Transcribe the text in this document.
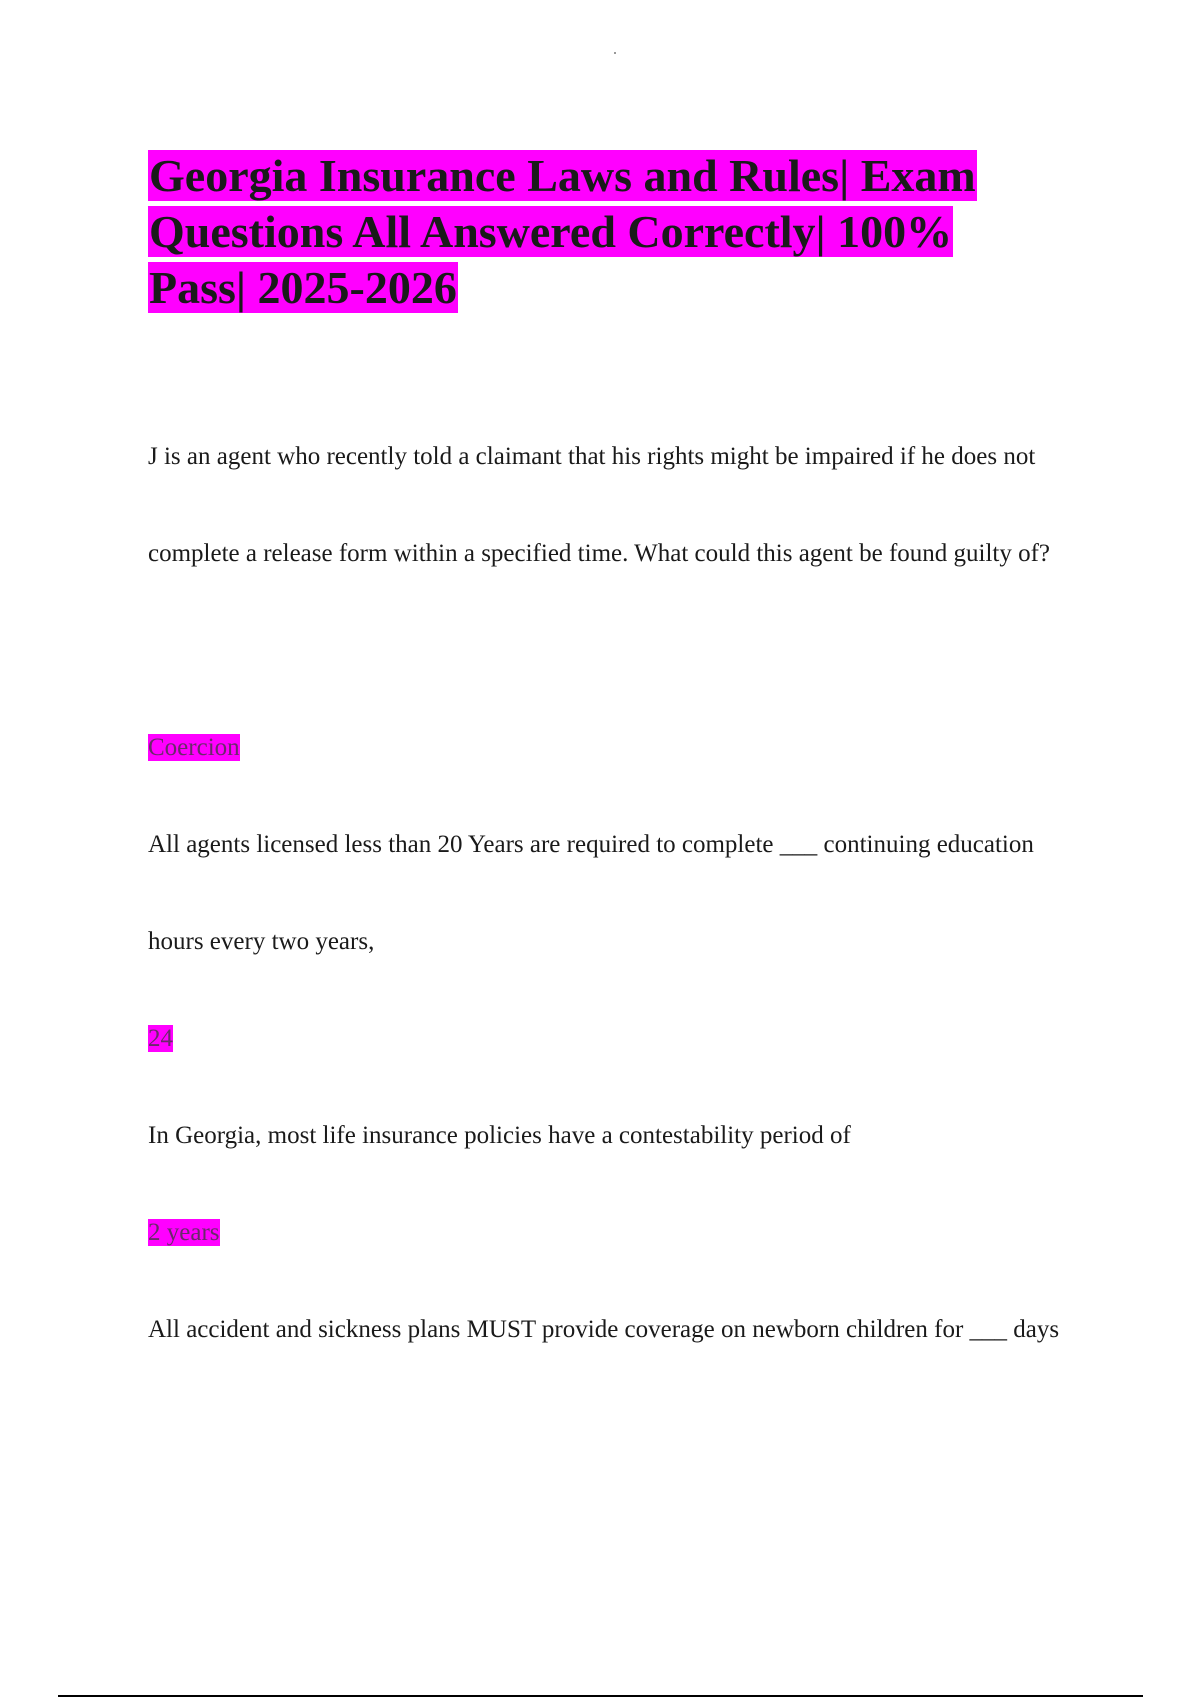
Georgia Insurance Laws and Rules| Exam Questions All Answered Correctly| 100% Pass| 2025-2026
J is an agent who recently told a claimant that his rights might be impaired if he does not complete a release form within a specified time. What could this agent be found guilty of?
Coercion
All agents licensed less than 20 Years are required to complete ___ continuing education hours every two years,
24
In Georgia, most life insurance policies have a contestability period of
2 years
All accident and sickness plans MUST provide coverage on newborn children for ___ days
